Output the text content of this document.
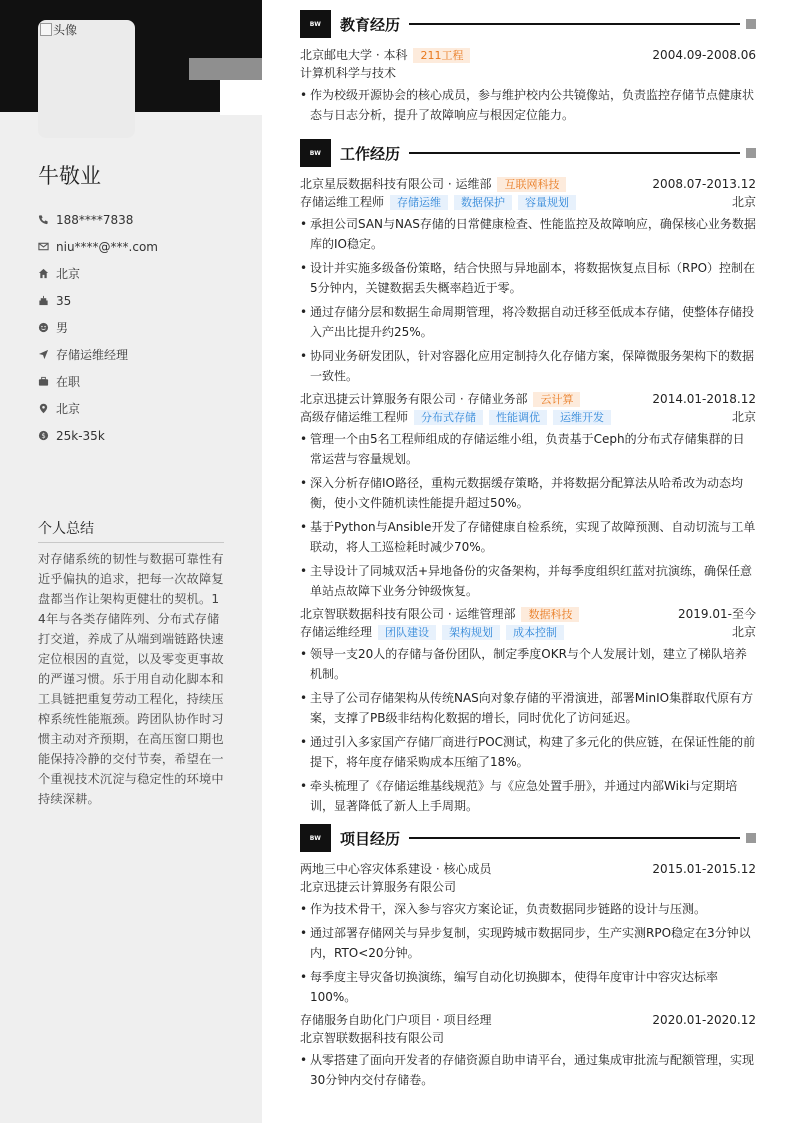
头像
牛敬业
188****7838
niu****@***.com
北京
35
男
存储运维经理
在职
北京
$ 25k-35k
个人总结
对存储系统的韧性与数据可靠性有近乎偏执的追求，把每一次故障复盘都当作让架构更健壮的契机。14年与各类存储阵列、分布式存储打交道，养成了从端到端链路快速定位根因的直觉，以及零变更事故的严谨习惯。乐于用自动化脚本和工具链把重复劳动工程化，持续压榨系统性能瓶颈。跨团队协作时习惯主动对齐预期，在高压窗口期也能保持冷静的交付节奏，希望在一个重视技术沉淀与稳定性的环境中持续深耕。
BW	教育经历
北京邮电大学 · 本科	211工程	2004.09-2008.06
计算机科学与技术
• 作为校级开源协会的核心成员，参与维护校内公共镜像站，负责监控存储节点健康状态与日志分析，提升了故障响应与根因定位能力。
BW	工作经历
北京星辰数据科技有限公司 · 运维部	互联网科技	2008.07-2013.12
存储运维工程师	存储运维	数据保护	容量规划	北京
• 承担公司SAN与NAS存储的日常健康检查、性能监控及故障响应，确保核心业务数据库的IO稳定。
• 设计并实施多级备份策略，结合快照与异地副本，将数据恢复点目标（RPO）控制在5分钟内，关键数据丢失概率趋近于零。
• 通过存储分层和数据生命周期管理，将冷数据自动迁移至低成本存储，使整体存储投入产出比提升约25%。
• 协同业务研发团队，针对容器化应用定制持久化存储方案，保障微服务架构下的数据一致性。
北京迅捷云计算服务有限公司 · 存储业务部	云计算	2014.01-2018.12
高级存储运维工程师	分布式存储	性能调优	运维开发	北京
• 管理一个由5名工程师组成的存储运维小组，负责基于Ceph的分布式存储集群的日常运营与容量规划。
• 深入分析存储IO路径，重构元数据缓存策略，并将数据分配算法从哈希改为动态均衡，使小文件随机读性能提升超过50%。
• 基于Python与Ansible开发了存储健康自检系统，实现了故障预测、自动切流与工单联动，将人工巡检耗时减少70%。
• 主导设计了同城双活+异地备份的灾备架构，并每季度组织红蓝对抗演练，确保任意单站点故障下业务分钟级恢复。
北京智联数据科技有限公司 · 运维管理部	数据科技	2019.01-至今
存储运维经理	团队建设	架构规划	成本控制	北京
• 领导一支20人的存储与备份团队，制定季度OKR与个人发展计划，建立了梯队培养机制。
• 主导了公司存储架构从传统NAS向对象存储的平滑演进，部署MinIO集群取代原有方案，支撑了PB级非结构化数据的增长，同时优化了访问延迟。
• 通过引入多家国产存储厂商进行POC测试，构建了多元化的供应链，在保证性能的前提下，将年度存储采购成本压缩了18%。
• 牵头梳理了《存储运维基线规范》与《应急处置手册》，并通过内部Wiki与定期培训，显著降低了新人上手周期。
BW	项目经历
两地三中心容灾体系建设 · 核心成员	2015.01-2015.12
北京迅捷云计算服务有限公司
• 作为技术骨干，深入参与容灾方案论证，负责数据同步链路的设计与压测。
• 通过部署存储网关与异步复制，实现跨城市数据同步，生产实测RPO稳定在3分钟以内，RTO<20分钟。
• 每季度主导灾备切换演练，编写自动化切换脚本，使得年度审计中容灾达标率100%。
存储服务自助化门户项目 · 项目经理	2020.01-2020.12
北京智联数据科技有限公司
• 从零搭建了面向开发者的存储资源自助申请平台，通过集成审批流与配额管理，实现30分钟内交付存储卷。
